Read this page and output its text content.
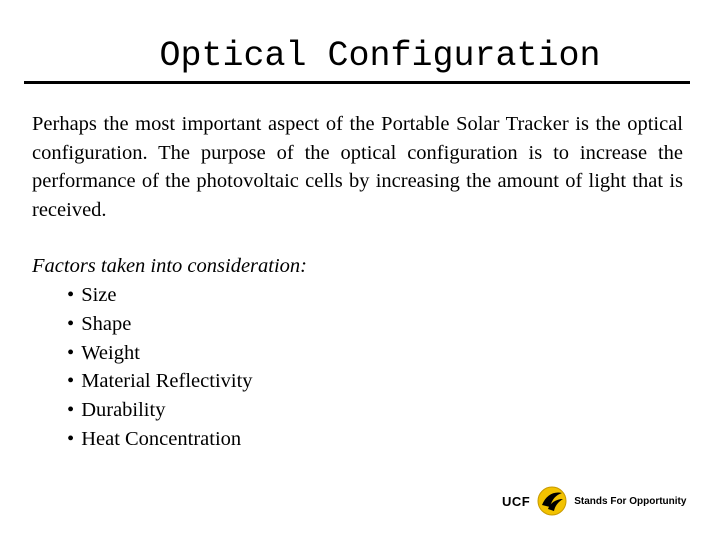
Optical Configuration

Perhaps the most important aspect of the Portable Solar Tracker is the optical configuration. The purpose of the optical configuration is to increase the performance of the photovoltaic cells by increasing the amount of light that is received.

Factors taken into consideration:
• Size
• Shape
• Weight
• Material Reflectivity
• Durability
• Heat Concentration
UCF	Stands For Opportunity
